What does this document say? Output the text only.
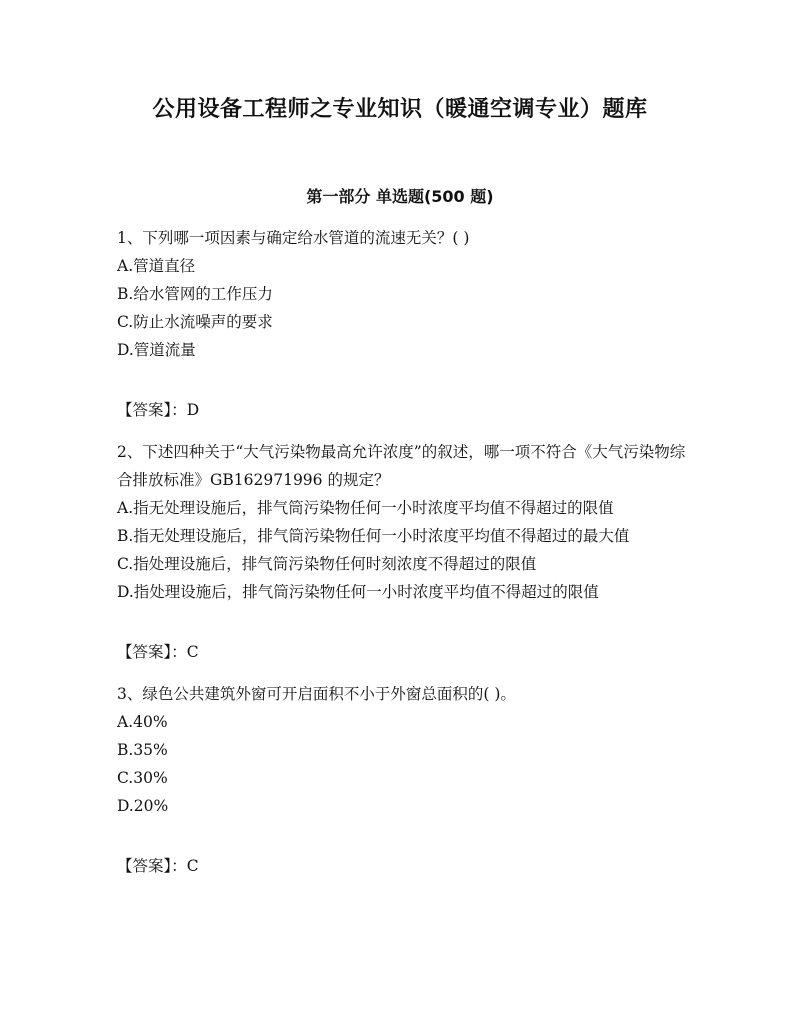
公用设备工程师之专业知识（暖通空调专业）题库
第一部分 单选题(500 题)

1、下列哪一项因素与确定给水管道的流速无关？( )

A.管道直径

B.给水管网的工作压力

C.防止水流噪声的要求

D.管道流量

【答案】：D

2、下述四种关于“大气污染物最高允许浓度”的叙述，哪一项不符合《大气污染物综合排放标准》GB162971996 的规定？

A.指无处理设施后，排气筒污染物任何一小时浓度平均值不得超过的限值

B.指无处理设施后，排气筒污染物任何一小时浓度平均值不得超过的最大值

C.指处理设施后，排气筒污染物任何时刻浓度不得超过的限值

D.指处理设施后，排气筒污染物任何一小时浓度平均值不得超过的限值

【答案】：C

3、绿色公共建筑外窗可开启面积不小于外窗总面积的( )。

A.40%

B.35%

C.30%

D.20%

【答案】：C
